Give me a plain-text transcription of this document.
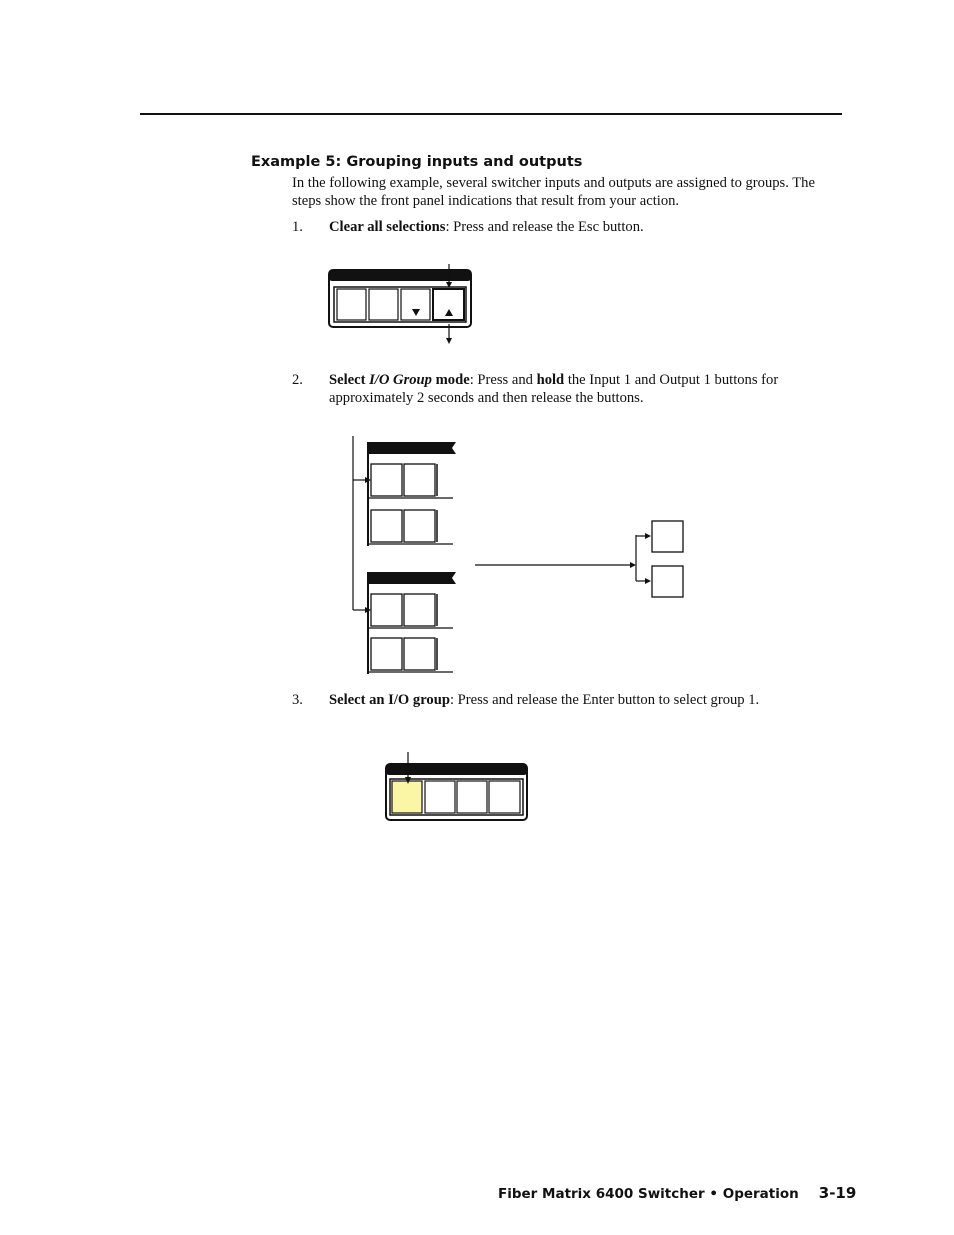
Example 5: Grouping inputs and outputs
In the following example, several switcher inputs and outputs are assigned to groups. The steps show the front panel indications that result from your action.
1. Clear all selections: Press and release the Esc button.
2. Select I/O Group mode: Press and hold the Input 1 and Output 1 buttons for approximately 2 seconds and then release the buttons.
3. Select an I/O group: Press and release the Enter button to select group 1.
Fiber Matrix 6400 Switcher • Operation 3-19
